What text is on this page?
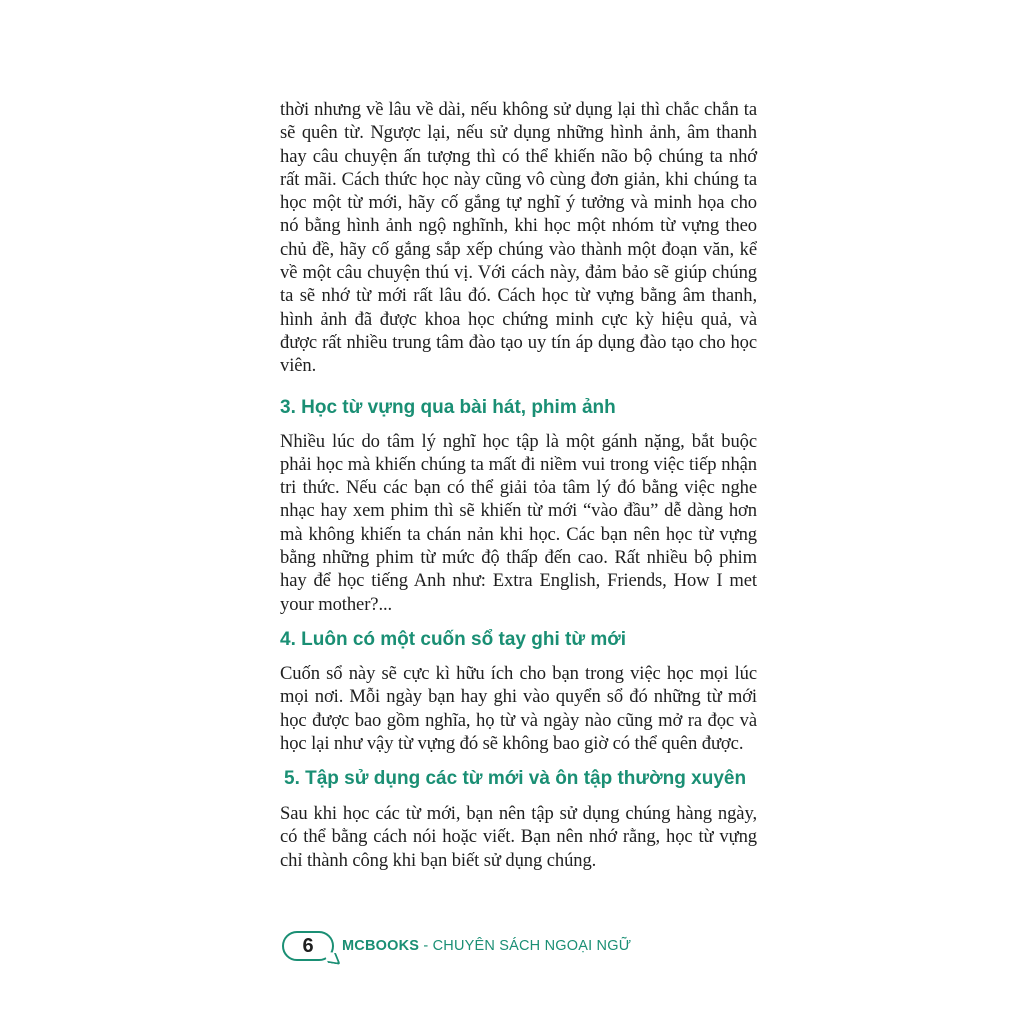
thời nhưng về lâu về dài, nếu không sử dụng lại thì chắc chắn ta sẽ quên từ. Ngược lại, nếu sử dụng những hình ảnh, âm thanh hay câu chuyện ấn tượng thì có thể khiến não bộ chúng ta nhớ rất mãi. Cách thức học này cũng vô cùng đơn giản, khi chúng ta học một từ mới, hãy cố gắng tự nghĩ ý tưởng và minh họa cho nó bằng hình ảnh ngộ nghĩnh, khi học một nhóm từ vựng theo chủ đề, hãy cố gắng sắp xếp chúng vào thành một đoạn văn, kể về một câu chuyện thú vị. Với cách này, đảm bảo sẽ giúp chúng ta sẽ nhớ từ mới rất lâu đó. Cách học từ vựng bằng âm thanh, hình ảnh đã được khoa học chứng minh cực kỳ hiệu quả, và được rất nhiều trung tâm đào tạo uy tín áp dụng đào tạo cho học viên.

3. Học từ vựng qua bài hát, phim ảnh

Nhiều lúc do tâm lý nghĩ học tập là một gánh nặng, bắt buộc phải học mà khiến chúng ta mất đi niềm vui trong việc tiếp nhận tri thức. Nếu các bạn có thể giải tỏa tâm lý đó bằng việc nghe nhạc hay xem phim thì sẽ khiến từ mới “vào đầu” dễ dàng hơn mà không khiến ta chán nản khi học. Các bạn nên học từ vựng bằng những phim từ mức độ thấp đến cao. Rất nhiều bộ phim hay để học tiếng Anh như: Extra English, Friends, How I met your mother?...

4. Luôn có một cuốn sổ tay ghi từ mới

Cuốn sổ này sẽ cực kì hữu ích cho bạn trong việc học mọi lúc mọi nơi. Mỗi ngày bạn hay ghi vào quyển sổ đó những từ mới học được bao gồm nghĩa, họ từ và ngày nào cũng mở ra đọc và học lại như vậy từ vựng đó sẽ không bao giờ có thể quên được.

5. Tập sử dụng các từ mới và ôn tập thường xuyên

Sau khi học các từ mới, bạn nên tập sử dụng chúng hàng ngày, có thể bằng cách nói hoặc viết. Bạn nên nhớ rằng, học từ vựng chỉ thành công khi bạn biết sử dụng chúng.

6 MCBOOKS - CHUYÊN SÁCH NGOẠI NGỮ
